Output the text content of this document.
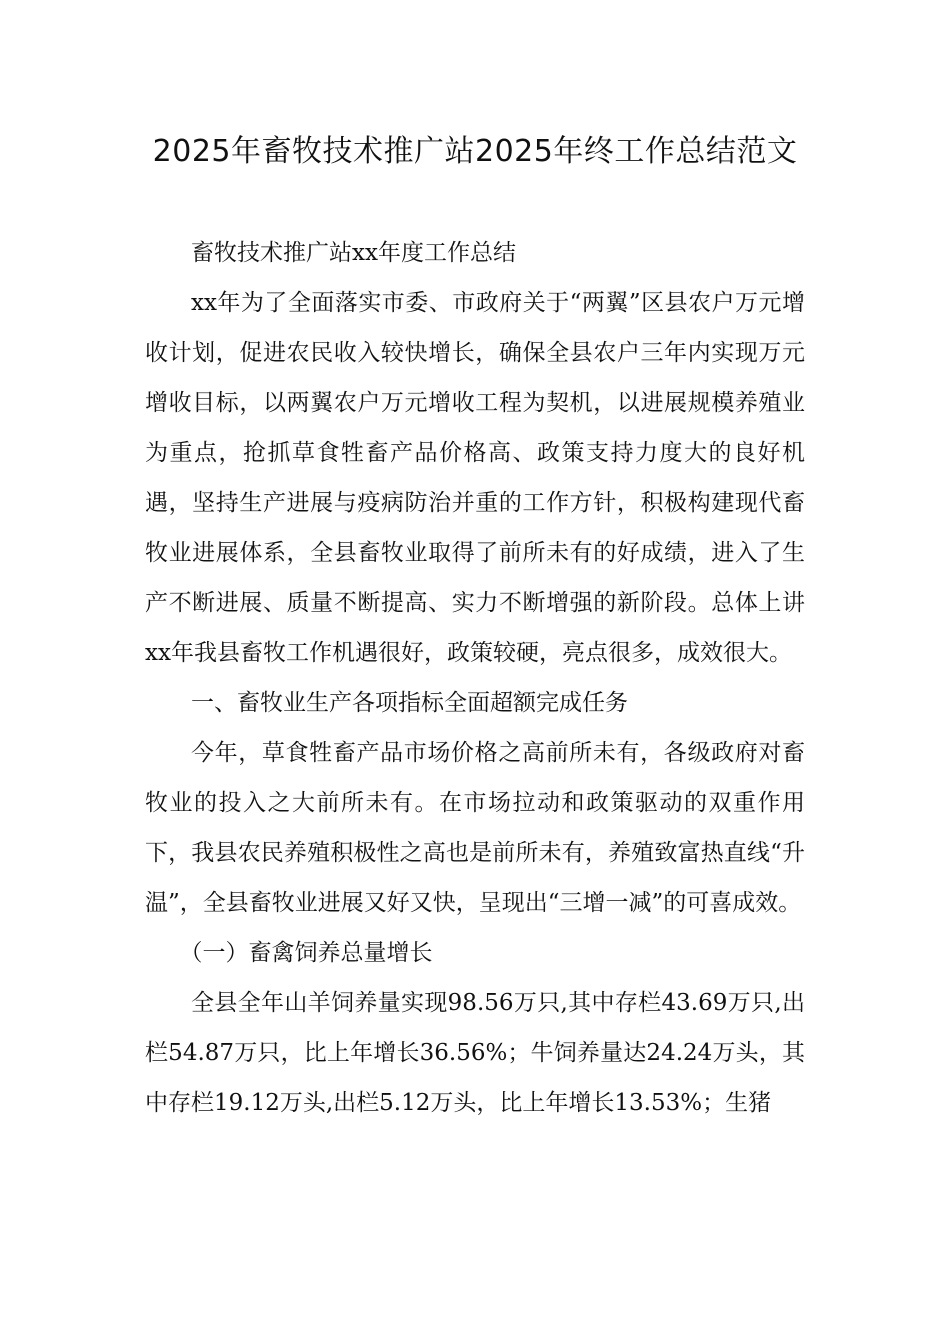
2025年畜牧技术推广站2025年终工作总结范文

畜牧技术推广站xx年度工作总结

xx年为了全面落实市委、市政府关于“两翼”区县农户万元增收计划，促进农民收入较快增长，确保全县农户三年内实现万元增收目标，以两翼农户万元增收工程为契机，以进展规模养殖业为重点，抢抓草食牲畜产品价格高、政策支持力度大的良好机遇，坚持生产进展与疫病防治并重的工作方针，积极构建现代畜牧业进展体系，全县畜牧业取得了前所未有的好成绩，进入了生产不断进展、质量不断提高、实力不断增强的新阶段。总体上讲xx年我县畜牧工作机遇很好，政策较硬，亮点很多，成效很大。

一、畜牧业生产各项指标全面超额完成任务

今年，草食牲畜产品市场价格之高前所未有，各级政府对畜牧业的投入之大前所未有。在市场拉动和政策驱动的双重作用下，我县农民养殖积极性之高也是前所未有，养殖致富热直线“升温”，全县畜牧业进展又好又快，呈现出“三增一减”的可喜成效。

（一）畜禽饲养总量增长

全县全年山羊饲养量实现98.56万只,其中存栏43.69万只,出栏54.87万只，比上年增长36.56%；牛饲养量达24.24万头，其中存栏19.12万头,出栏5.12万头，比上年增长13.53%；生猪
